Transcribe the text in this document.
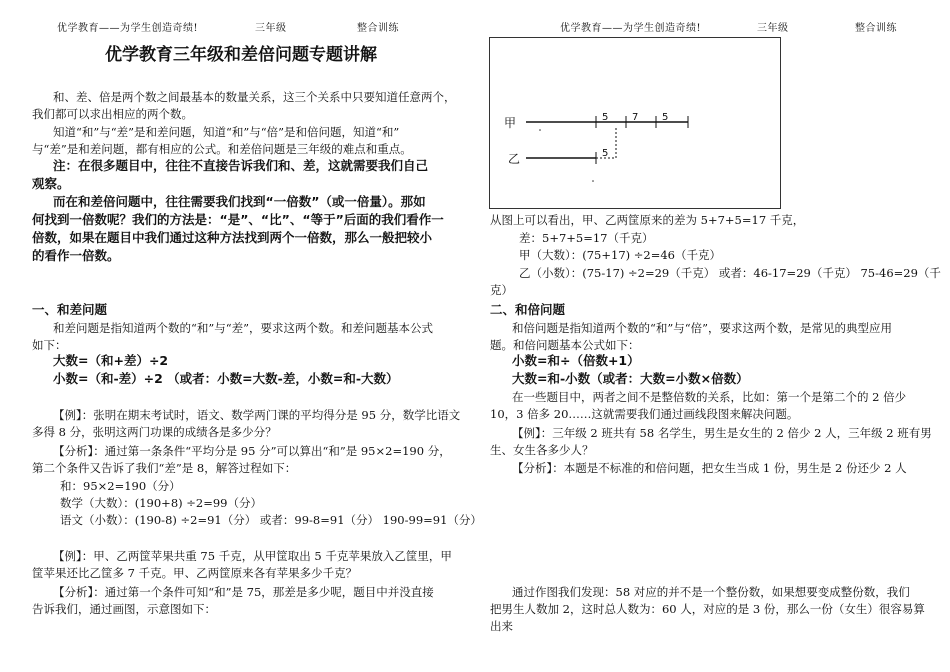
优学教育——为学生创造奇绩!	三年级	整合训练
优学教育三年级和差倍问题专题讲解
和、差、倍是两个数之间最基本的数量关系，这三个关系中只要知道任意两个，
我们都可以求出相应的两个数。
知道“和”与“差”是和差问题，知道“和”与“倍”是和倍问题，知道“和”
与“差”是和差问题，都有相应的公式。和差倍问题是三年级的难点和重点。
注：在很多题目中，往往不直接告诉我们和、差，这就需要我们自己
观察。
而在和差倍问题中，往往需要我们找到“一倍数”（或一倍量）。那如
何找到一倍数呢？我们的方法是：“是”、“比”、“等于”后面的我们看作一
倍数，如果在题目中我们通过这种方法找到两个一倍数，那么一般把较小
的看作一倍数。
一、和差问题
和差问题是指知道两个数的“和”与“差”，要求这两个数。和差问题基本公式
如下：
大数=（和+差）÷2
小数=（和-差）÷2 （或者：小数=大数-差，小数=和-大数）
【例】：张明在期末考试时，语文、数学两门课的平均得分是 95 分，数学比语文
多得 8 分，张明这两门功课的成绩各是多少分？
【分析】：通过第一条条件“平均分是 95 分”可以算出“和”是 95×2=190 分，
第二个条件又告诉了我们“差”是 8，解答过程如下：
和：95×2=190（分）
数学（大数）：(190+8) ÷2=99（分）
语文（小数）：(190-8) ÷2=91（分） 或者：99-8=91（分） 190-99=91（分）
【例】：甲、乙两筐苹果共重 75 千克，从甲筐取出 5 千克苹果放入乙筐里，甲
筐苹果还比乙筐多 7 千克。甲、乙两筐原来各有苹果多少千克？
【分析】：通过第一个条件可知“和”是 75，那差是多少呢，题目中并没直接
告诉我们，通过画图，示意图如下：
优学教育——为学生创造奇绩!	三年级	整合训练
甲
乙
5 7 5
5
从图上可以看出，甲、乙两筐原来的差为 5+7+5=17 千克，
差：5+7+5=17（千克）
甲（大数）：(75+17) ÷2=46（千克）
乙（小数）：(75-17) ÷2=29（千克） 或者：46-17=29（千克） 75-46=29（千
克）
二、和倍问题
和倍问题是指知道两个数的“和”与“倍”，要求这两个数，是常见的典型应用
题。和倍问题基本公式如下：
小数=和÷（倍数+1）
大数=和-小数（或者：大数=小数×倍数）
在一些题目中，两者之间不是整倍数的关系，比如：第一个是第二个的 2 倍少
10，3 倍多 20……这就需要我们通过画线段图来解决问题。
【例】：三年级 2 班共有 58 名学生，男生是女生的 2 倍少 2 人，三年级 2 班有男
生、女生各多少人？
【分析】：本题是不标准的和倍问题，把女生当成 1 份，男生是 2 份还少 2 人
通过作图我们发现：58 对应的并不是一个整份数，如果想要变成整份数，我们
把男生人数加 2，这时总人数为：60 人，对应的是 3 份，那么一份（女生）很容易算
出来
